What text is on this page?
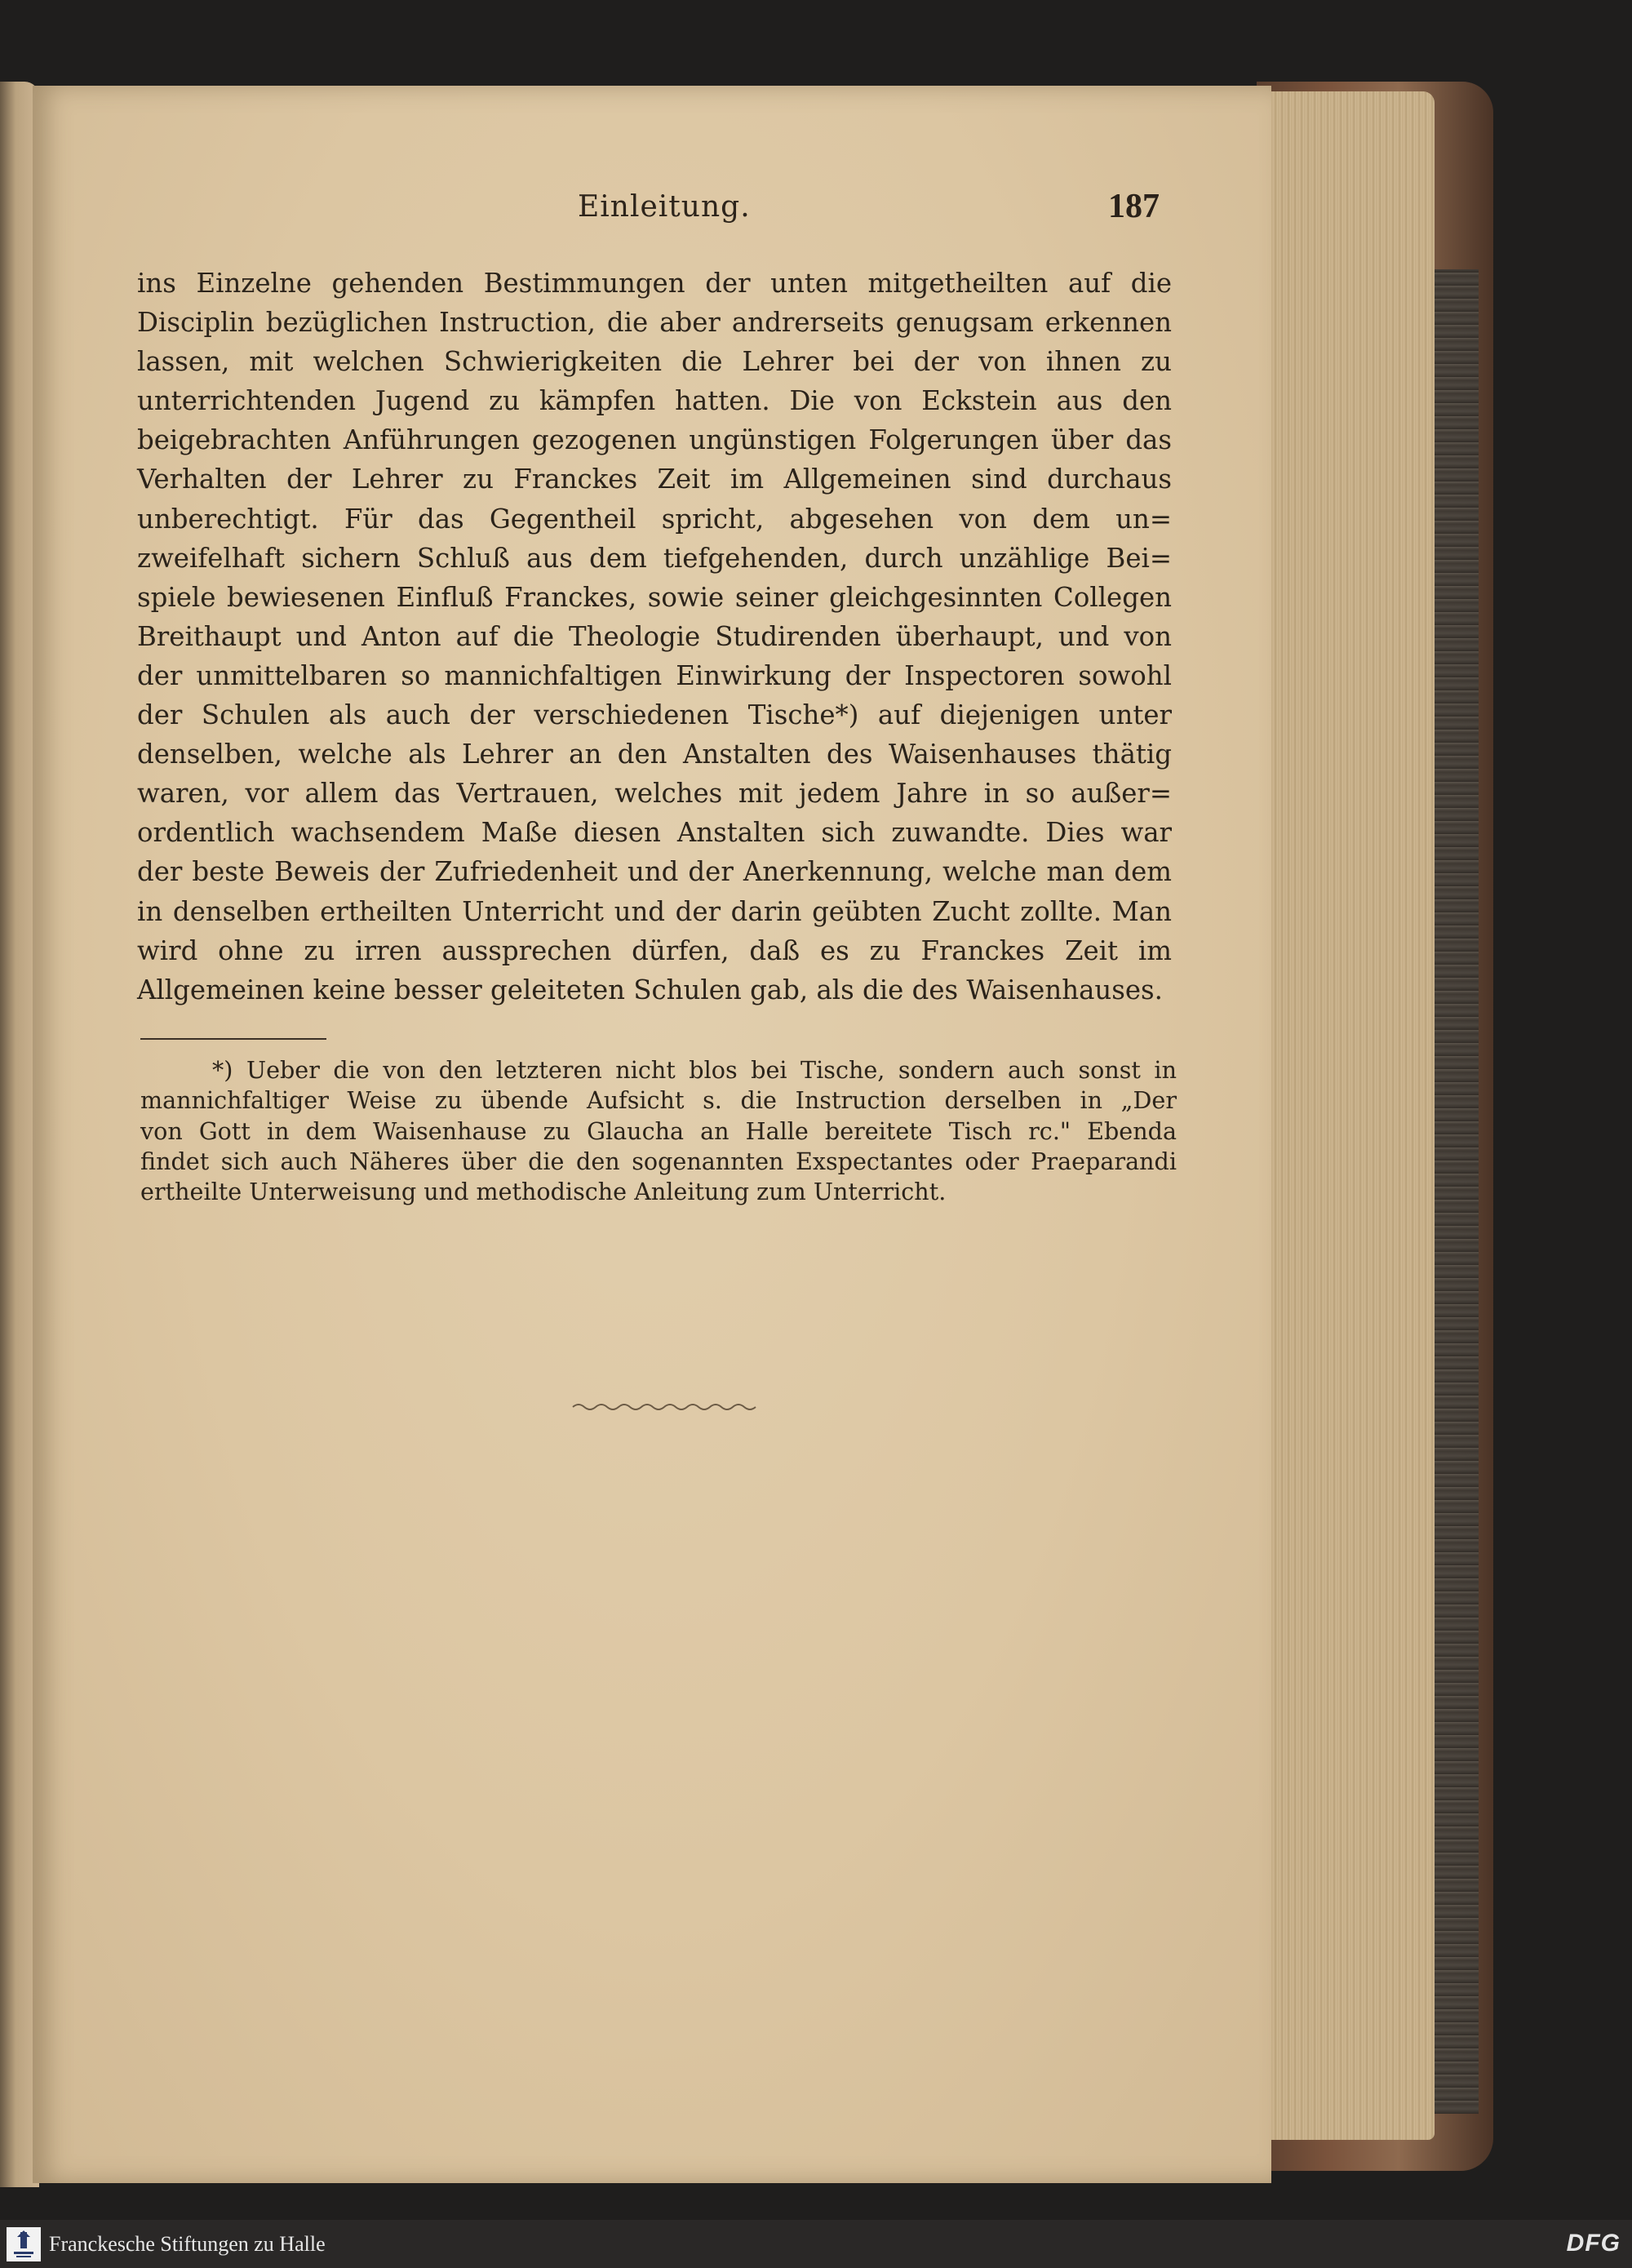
Einleitung.	187
ins Einzelne gehenden Bestimmungen der unten mitgetheilten auf die
Disciplin bezüglichen Instruction, die aber andrerseits genugsam erkennen
lassen, mit welchen Schwierigkeiten die Lehrer bei der von ihnen zu
unterrichtenden Jugend zu kämpfen hatten. Die von Eckstein aus den
beigebrachten Anführungen gezogenen ungünstigen Folgerungen über das
Verhalten der Lehrer zu Franckes Zeit im Allgemeinen sind durchaus
unberechtigt. Für das Gegentheil spricht, abgesehen von dem un=
zweifelhaft sichern Schluß aus dem tiefgehenden, durch unzählige Bei=
spiele bewiesenen Einfluß Franckes, sowie seiner gleichgesinnten Collegen
Breithaupt und Anton auf die Theologie Studirenden überhaupt, und von
der unmittelbaren so mannichfaltigen Einwirkung der Inspectoren sowohl
der Schulen als auch der verschiedenen Tische*) auf diejenigen unter
denselben, welche als Lehrer an den Anstalten des Waisenhauses thätig
waren, vor allem das Vertrauen, welches mit jedem Jahre in so außer=
ordentlich wachsendem Maße diesen Anstalten sich zuwandte. Dies war
der beste Beweis der Zufriedenheit und der Anerkennung, welche man dem
in denselben ertheilten Unterricht und der darin geübten Zucht zollte. Man
wird ohne zu irren aussprechen dürfen, daß es zu Franckes Zeit im
Allgemeinen keine besser geleiteten Schulen gab, als die des Waisenhauses.
*) Ueber die von den letzteren nicht blos bei Tische, sondern auch sonst in
mannichfaltiger Weise zu übende Aufsicht s. die Instruction derselben in „Der
von Gott in dem Waisenhause zu Glaucha an Halle bereitete Tisch rc." Ebenda
findet sich auch Näheres über die den sogenannten Exspectantes oder Praeparandi
ertheilte Unterweisung und methodische Anleitung zum Unterricht.
Franckesche Stiftungen zu Halle	DFG
